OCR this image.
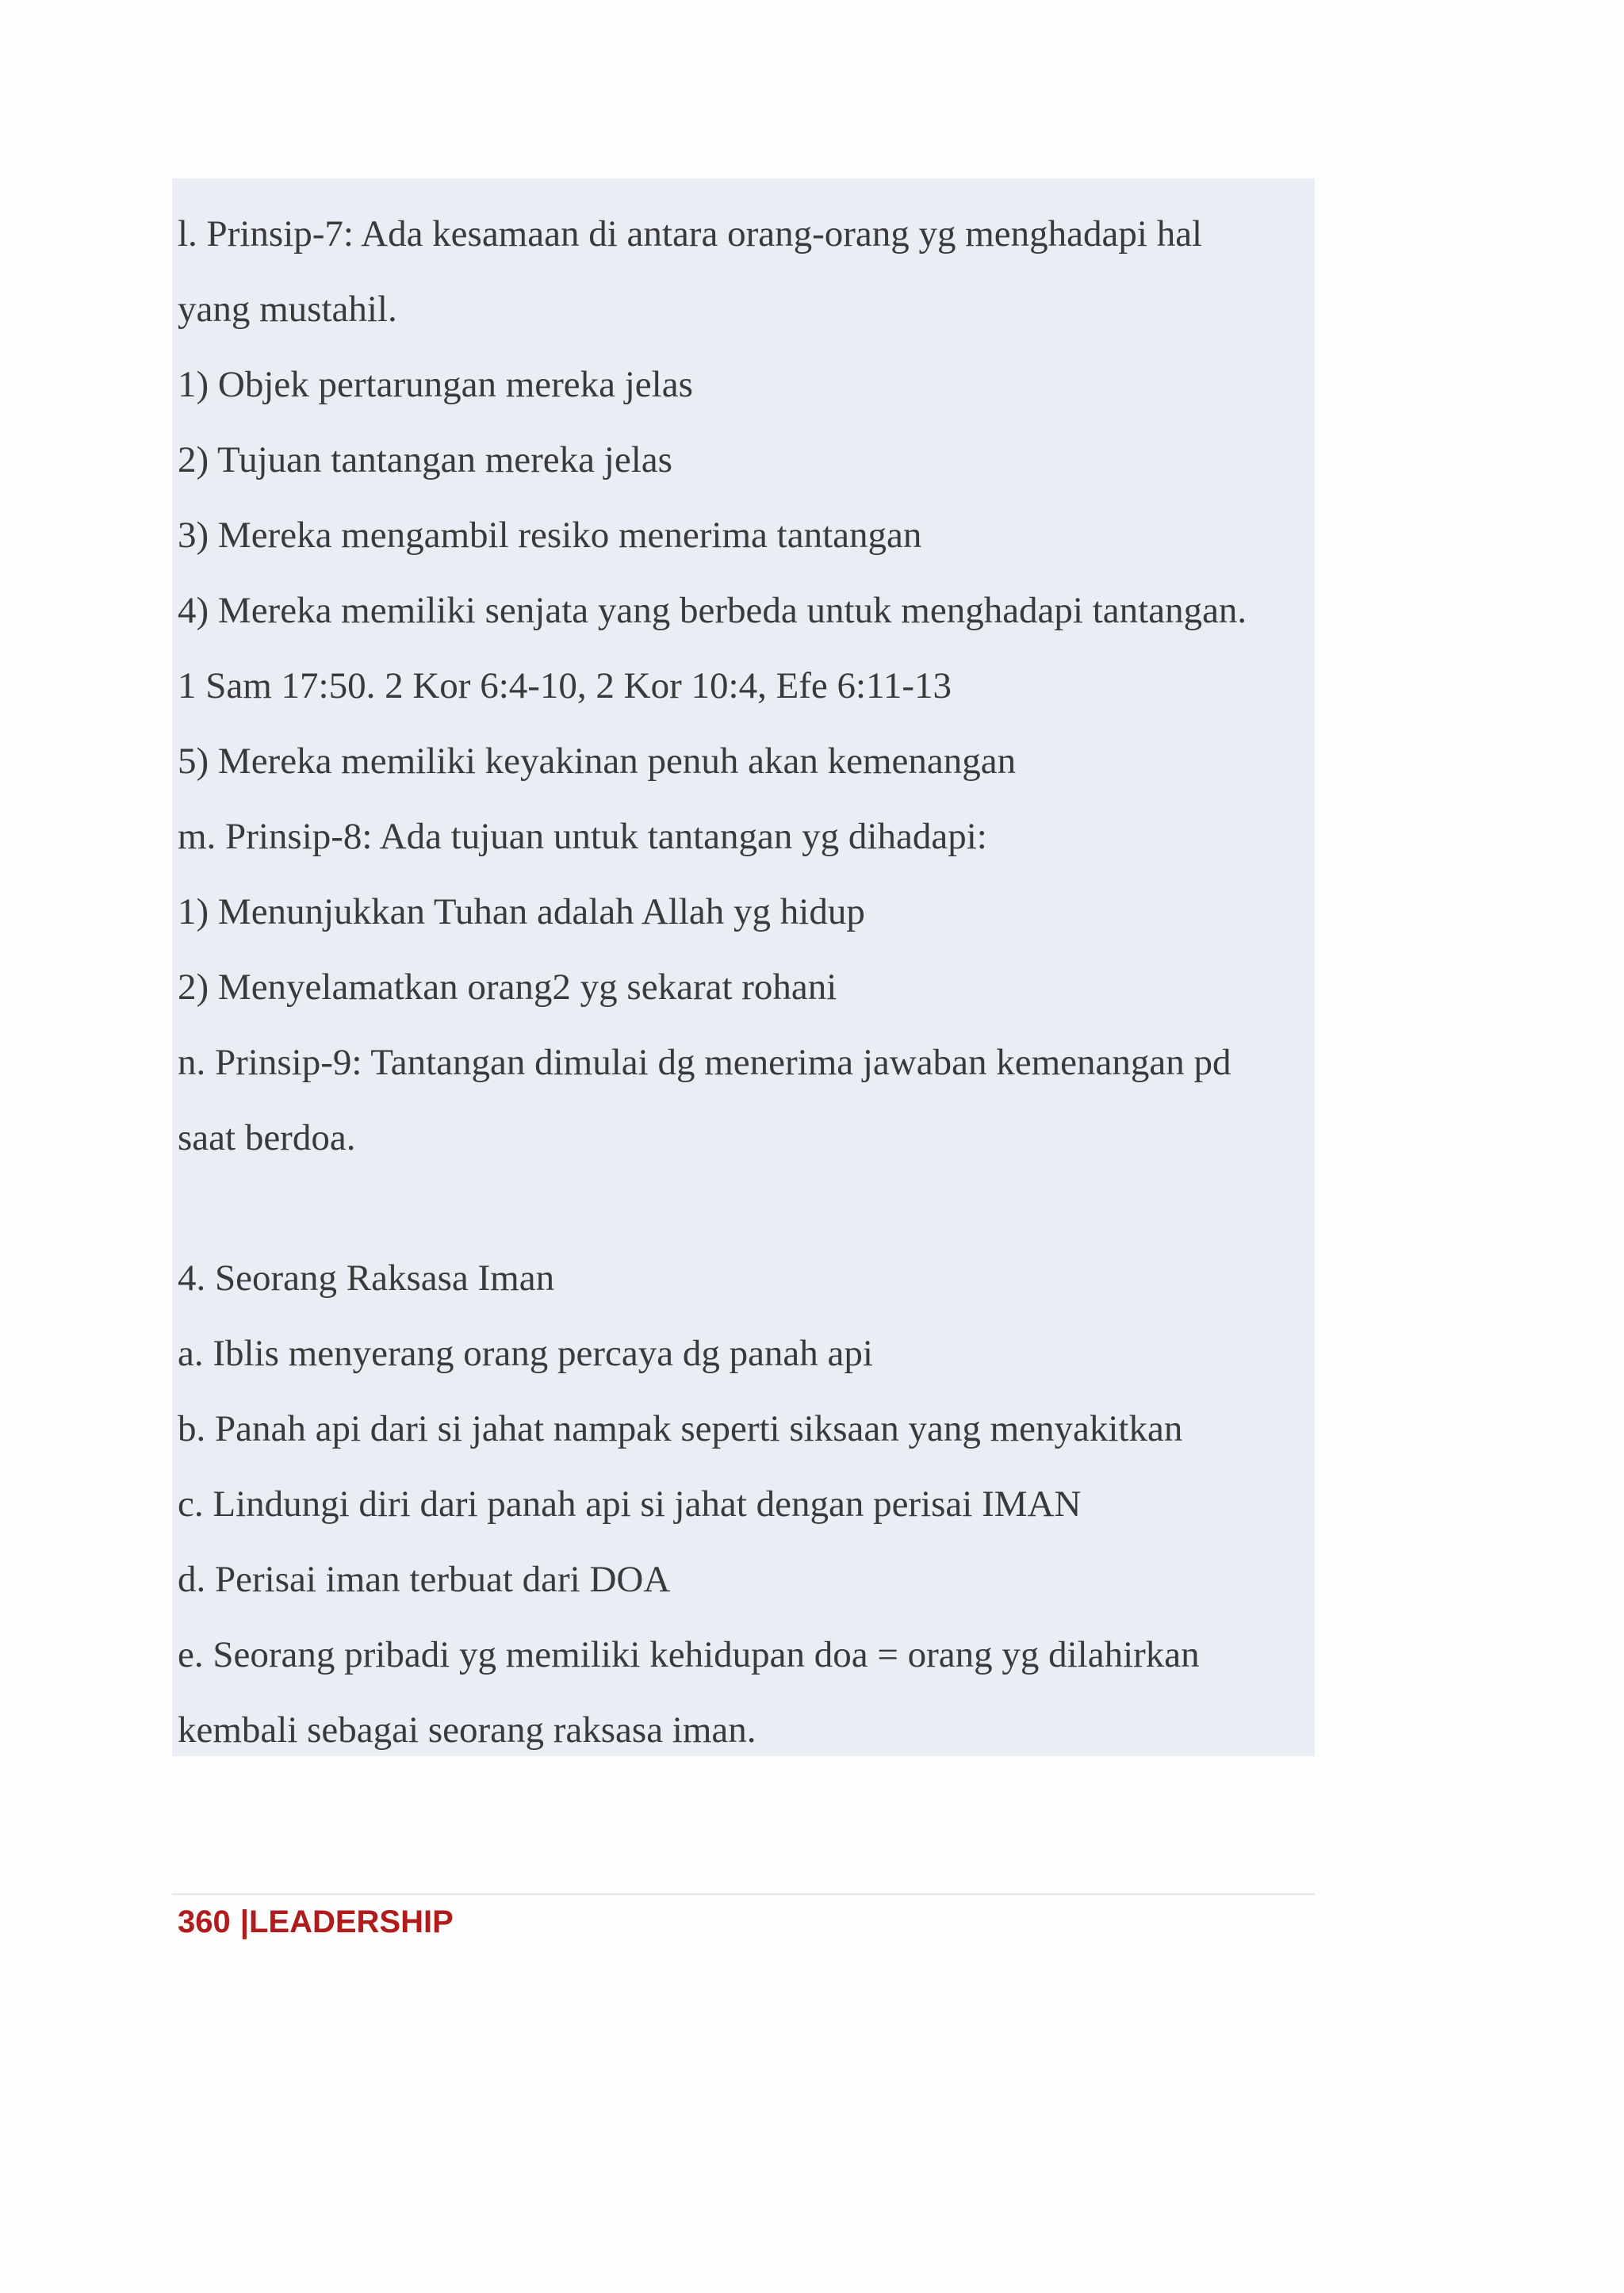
l. Prinsip-7: Ada kesamaan di antara orang-orang yg menghadapi hal
yang mustahil.
1) Objek pertarungan mereka jelas
2) Tujuan tantangan mereka jelas
3) Mereka mengambil resiko menerima tantangan
4) Mereka memiliki senjata yang berbeda untuk menghadapi tantangan.
1 Sam 17:50. 2 Kor 6:4-10, 2 Kor 10:4, Efe 6:11-13
5) Mereka memiliki keyakinan penuh akan kemenangan
m. Prinsip-8: Ada tujuan untuk tantangan yg dihadapi:
1) Menunjukkan Tuhan adalah Allah yg hidup
2) Menyelamatkan orang2 yg sekarat rohani
n. Prinsip-9: Tantangan dimulai dg menerima jawaban kemenangan pd
saat berdoa.
4. Seorang Raksasa Iman
a. Iblis menyerang orang percaya dg panah api
b. Panah api dari si jahat nampak seperti siksaan yang menyakitkan
c. Lindungi diri dari panah api si jahat dengan perisai IMAN
d. Perisai iman terbuat dari DOA
e. Seorang pribadi yg memiliki kehidupan doa = orang yg dilahirkan
kembali sebagai seorang raksasa iman.
360 |LEADERSHIP
